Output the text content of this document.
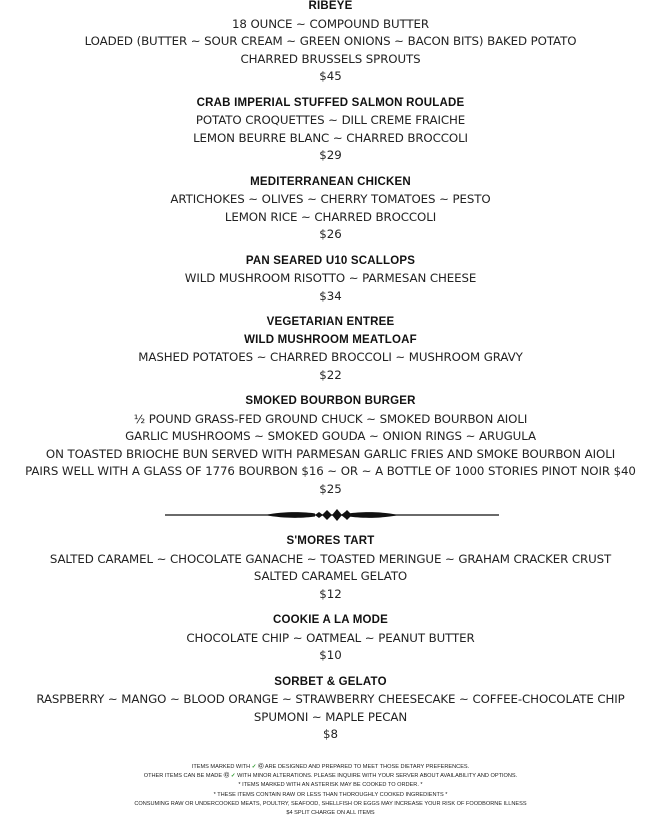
RIBEYE
18 OUNCE ~ COMPOUND BUTTER
LOADED (BUTTER ~ SOUR CREAM ~ GREEN ONIONS ~ BACON BITS) BAKED POTATO
CHARRED BRUSSELS SPROUTS
$45
CRAB IMPERIAL STUFFED SALMON ROULADE
POTATO CROQUETTES ~ DILL CREME FRAICHE
LEMON BEURRE BLANC ~ CHARRED BROCCOLI
$29
MEDITERRANEAN CHICKEN
ARTICHOKES ~ OLIVES ~ CHERRY TOMATOES ~ PESTO
LEMON RICE ~ CHARRED BROCCOLI
$26
PAN SEARED U10 SCALLOPS
WILD MUSHROOM RISOTTO ~ PARMESAN CHEESE
$34
VEGETARIAN ENTREE
WILD MUSHROOM MEATLOAF
MASHED POTATOES ~ CHARRED BROCCOLI ~ MUSHROOM GRAVY
$22
SMOKED BOURBON BURGER
½ POUND GRASS-FED GROUND CHUCK ~ SMOKED BOURBON AIOLI
GARLIC MUSHROOMS ~ SMOKED GOUDA ~ ONION RINGS ~ ARUGULA
ON TOASTED BRIOCHE BUN SERVED WITH PARMESAN GARLIC FRIES AND SMOKE BOURBON AIOLI
PAIRS WELL WITH A GLASS OF 1776 BOURBON $16 ~ OR ~ A BOTTLE OF 1000 STORIES PINOT NOIR $40
$25
S'MORES TART
SALTED CARAMEL ~ CHOCOLATE GANACHE ~ TOASTED MERINGUE ~ GRAHAM CRACKER CRUST
SALTED CARAMEL GELATO
$12
COOKIE A LA MODE
CHOCOLATE CHIP ~ OATMEAL ~ PEANUT BUTTER
$10
SORBET & GELATO
RASPBERRY ~ MANGO ~ BLOOD ORANGE ~ STRAWBERRY CHEESECAKE ~ COFFEE-CHOCOLATE CHIP
SPUMONI ~ MAPLE PECAN
$8
ITEMS MARKED WITH ✓ Ⓖ ARE DESIGNED AND PREPARED TO MEET THOSE DIETARY PREFERENCES.
OTHER ITEMS CAN BE MADE Ⓖ ✓ WITH MINOR ALTERATIONS. PLEASE INQUIRE WITH YOUR SERVER ABOUT AVAILABILITY AND OPTIONS.
* ITEMS MARKED WITH AN ASTERISK MAY BE COOKED TO ORDER. *
* THESE ITEMS CONTAIN RAW OR LESS THAN THOROUGHLY COOKED INGREDIENTS *
CONSUMING RAW OR UNDERCOOKED MEATS, POULTRY, SEAFOOD, SHELLFISH OR EGGS MAY INCREASE YOUR RISK OF FOODBORNE ILLNESS
$4 SPLIT CHARGE ON ALL ITEMS
